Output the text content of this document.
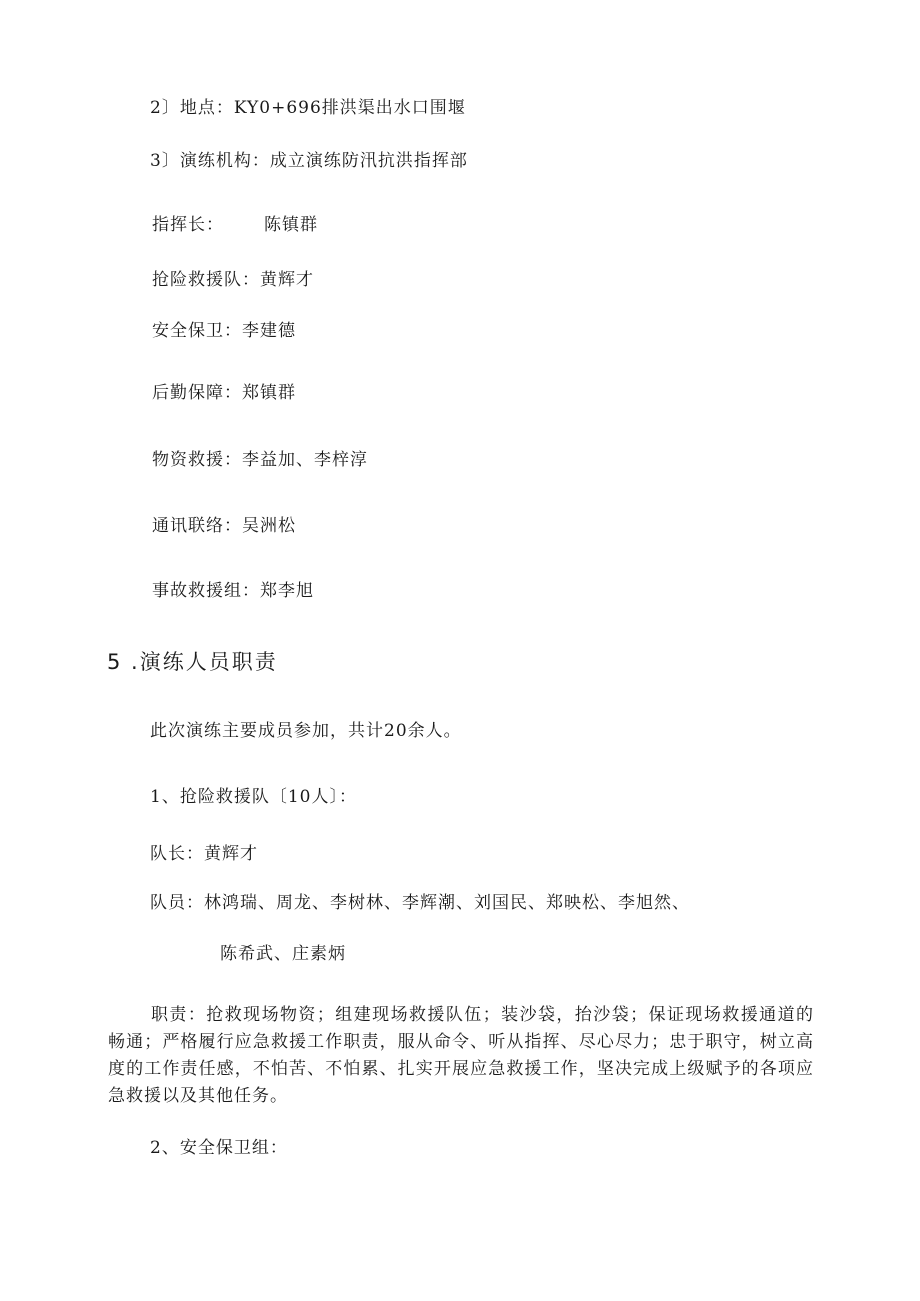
2〕地点：KY0+696排洪渠出水口围堰
3〕演练机构：成立演练防汛抗洪指挥部
指挥长： 陈镇群
抢险救援队：黄辉才
安全保卫：李建德
后勤保障：郑镇群
物资救援：李益加、李梓淳
通讯联络：吴洲松
事故救援组：郑李旭
5 .演练人员职责
此次演练主要成员参加，共计20余人。
1、抢险救援队〔10人〕：
队长：黄辉才
队员：林鸿瑞、周龙、李树林、李辉潮、刘国民、郑映松、李旭然、
陈希武、庄素炳
职责：抢救现场物资；组建现场救援队伍；装沙袋，抬沙袋；保证现场救援通道的畅通；严格履行应急救援工作职责，服从命令、听从指挥、尽心尽力；忠于职守，树立高度的工作责任感，不怕苦、不怕累、扎实开展应急救援工作，坚决完成上级赋予的各项应急救援以及其他任务。
2、安全保卫组：
